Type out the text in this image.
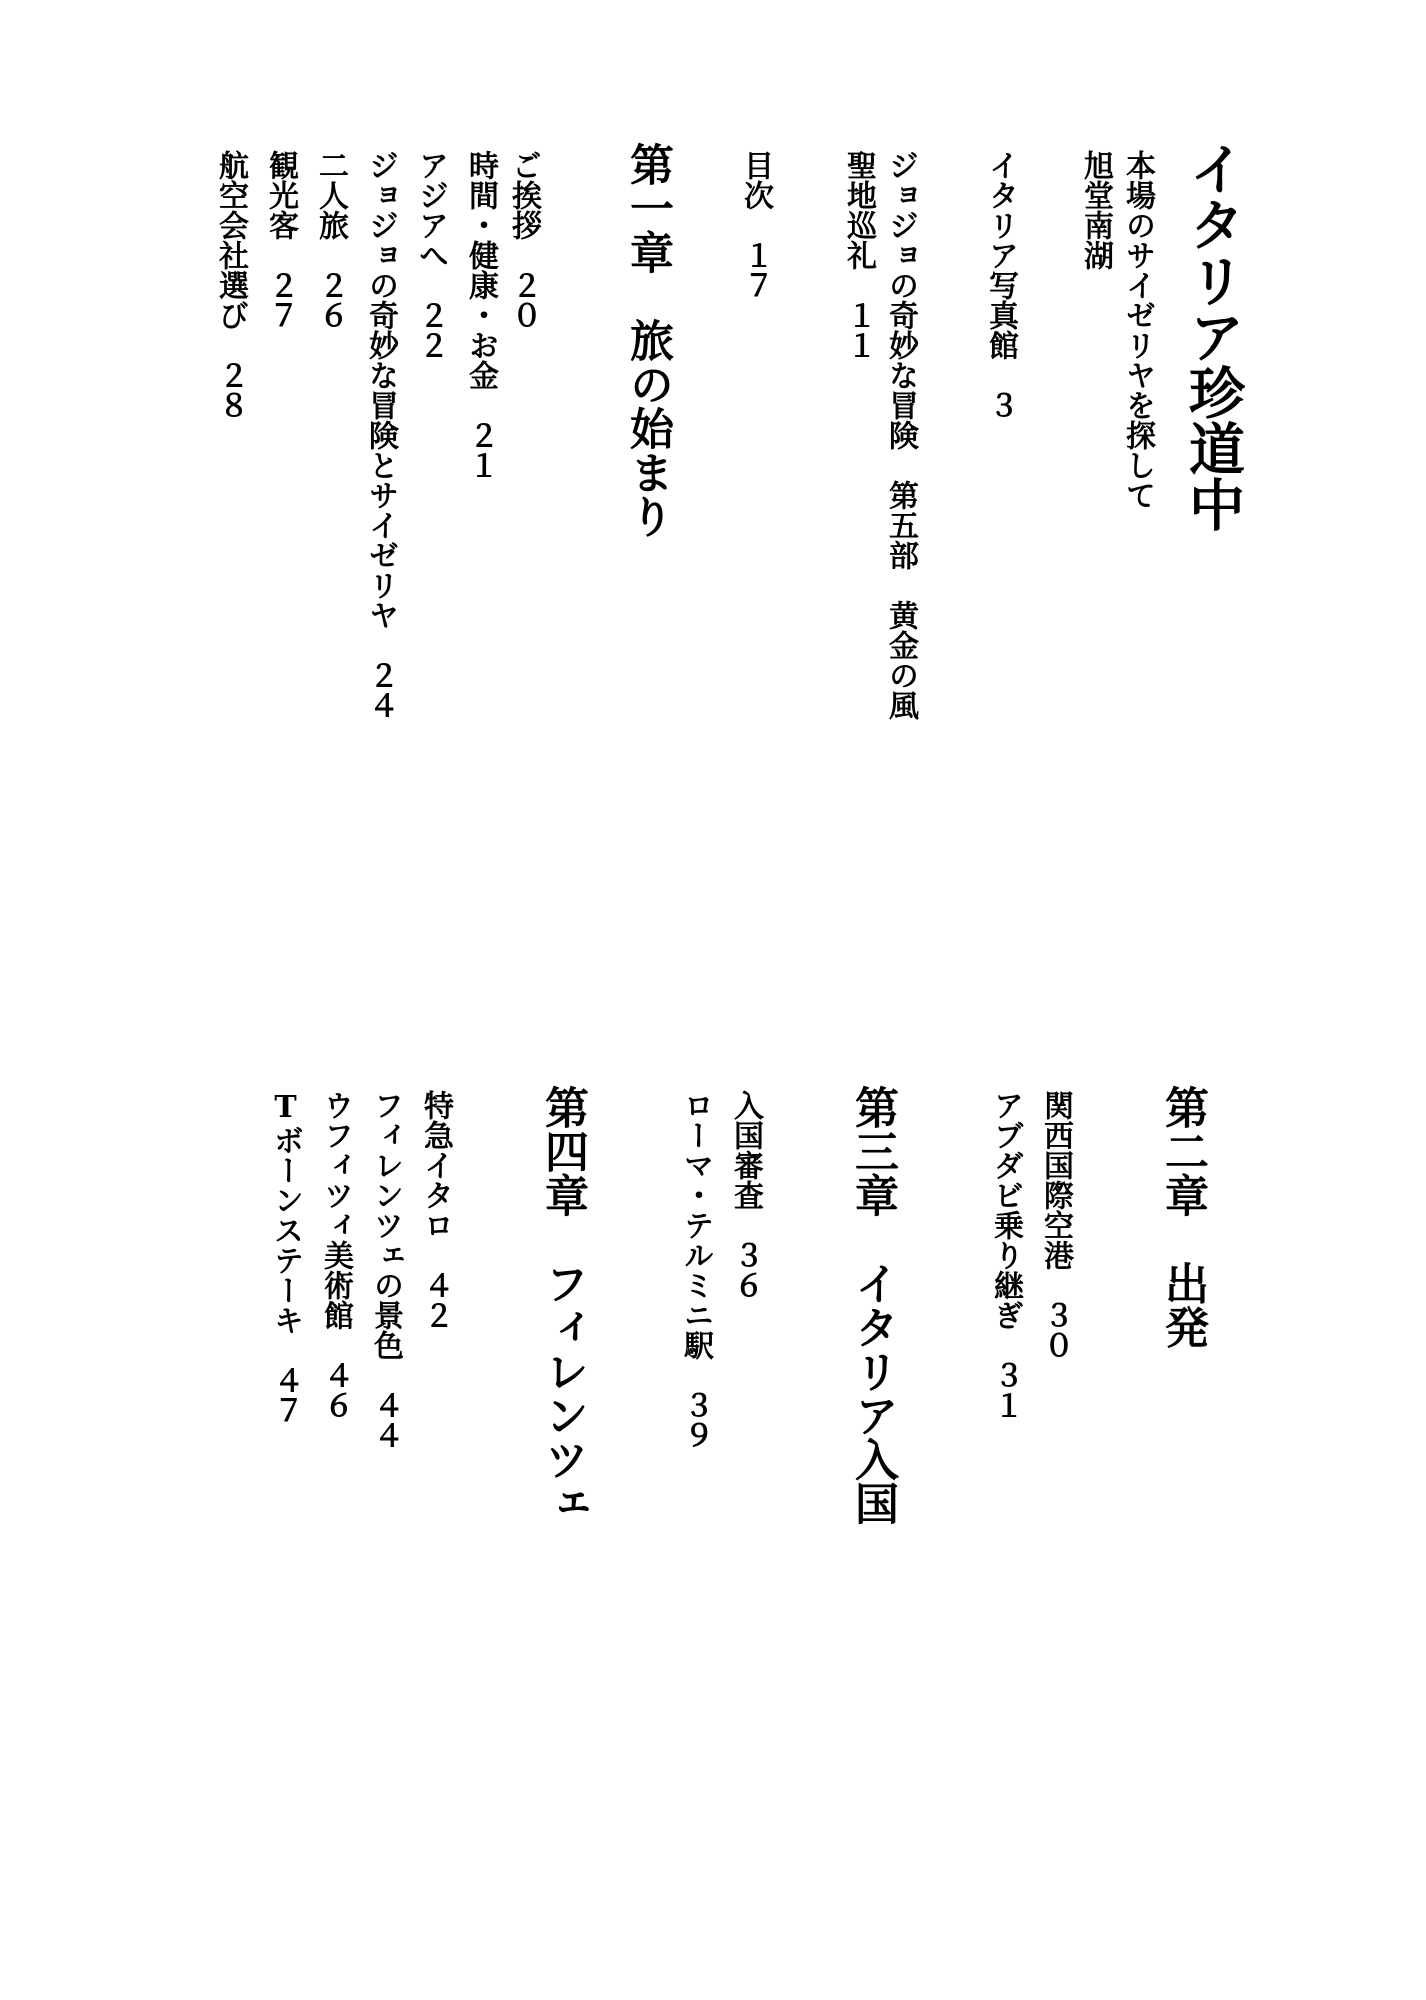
イタリア珍道中
本場のサイゼリヤを探して
旭堂南湖
イタリア写真館　３
ジョジョの奇妙な冒険　第五部　黄金の風
聖地巡礼　１１
目次　１７
第一章　旅の始まり
ご挨拶　２０
時間・健康・お金　２１
アジアへ　２２
ジョジョの奇妙な冒険とサイゼリヤ　２４
二人旅　２６
観光客　２７
航空会社選び　２８
第二章　出発
関西国際空港　３０
アブダビ乗り継ぎ　３１
第三章　イタリア入国
入国審査　３６
ローマ・テルミニ駅　３９
第四章　フィレンツェ
特急イタロ　４２
フィレンツェの景色　４４
ウフィツィ美術館　４６
Tボーンステーキ　４７
